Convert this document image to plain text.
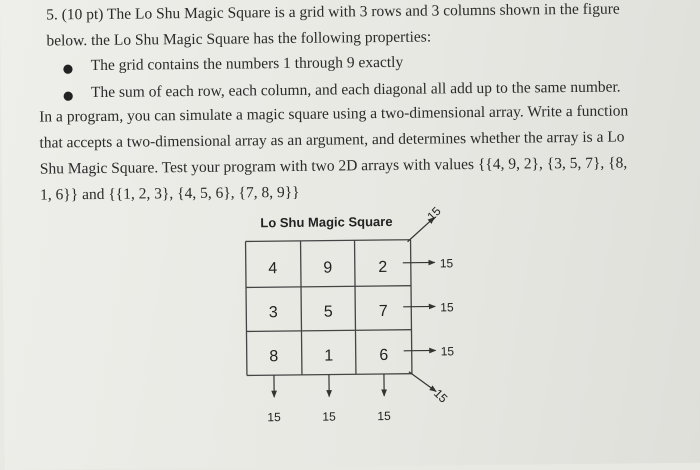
5. (10 pt) The Lo Shu Magic Square is a grid with 3 rows and 3 columns shown in the figure

below. the Lo Shu Magic Square has the following properties:

● The grid contains the numbers 1 through 9 exactly

● The sum of each row, each column, and each diagonal all add up to the same number.

In a program, you can simulate a magic square using a two-dimensional array. Write a function

that accepts a two-dimensional array as an argument, and determines whether the array is a Lo

Shu Magic Square. Test your program with two 2D arrays with values {{4, 9, 2}, {3, 5, 7}, {8,

1, 6}} and {{1, 2, 3}, {4, 5, 6}, {7, 8, 9}}

Lo Shu Magic Square
4	9	2
3	5	7
8	1	6
15
15
15
15	15	15
15
15
